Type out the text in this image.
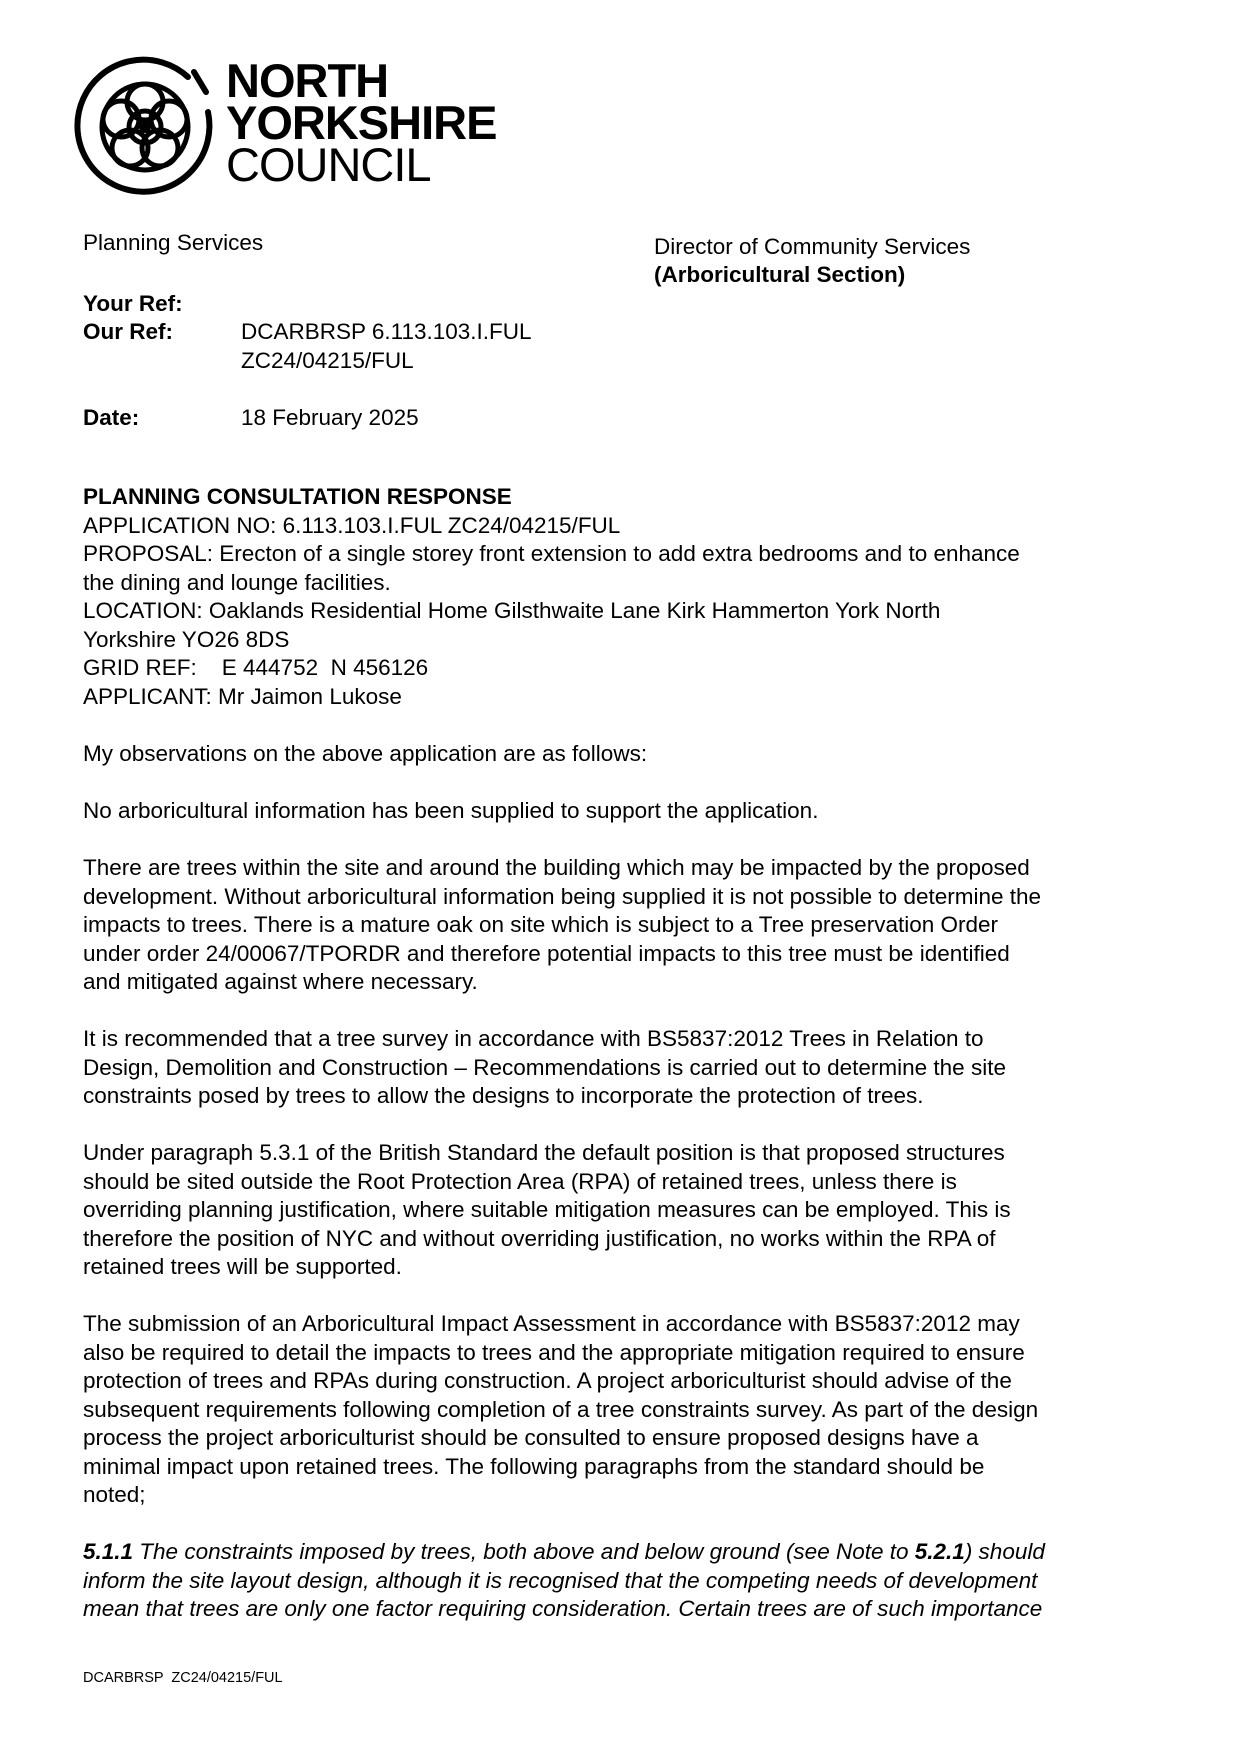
NORTH
YORKSHIRE
COUNCIL
Planning Services	Director of Community Services
(Arboricultural Section)
Your Ref:
Our Ref:	DCARBRSP 6.113.103.I.FUL
ZC24/04215/FUL
Date:	18 February 2025
PLANNING CONSULTATION RESPONSE
APPLICATION NO: 6.113.103.I.FUL ZC24/04215/FUL
PROPOSAL: Erecton of a single storey front extension to add extra bedrooms and to enhance
the dining and lounge facilities.
LOCATION: Oaklands Residential Home Gilsthwaite Lane Kirk Hammerton York North
Yorkshire YO26 8DS
GRID REF:    E 444752  N 456126
APPLICANT: Mr Jaimon Lukose
My observations on the above application are as follows:
No arboricultural information has been supplied to support the application.
There are trees within the site and around the building which may be impacted by the proposed
development. Without arboricultural information being supplied it is not possible to determine the
impacts to trees. There is a mature oak on site which is subject to a Tree preservation Order
under order 24/00067/TPORDR and therefore potential impacts to this tree must be identified
and mitigated against where necessary.
It is recommended that a tree survey in accordance with BS5837:2012 Trees in Relation to
Design, Demolition and Construction – Recommendations is carried out to determine the site
constraints posed by trees to allow the designs to incorporate the protection of trees.
Under paragraph 5.3.1 of the British Standard the default position is that proposed structures
should be sited outside the Root Protection Area (RPA) of retained trees, unless there is
overriding planning justification, where suitable mitigation measures can be employed. This is
therefore the position of NYC and without overriding justification, no works within the RPA of
retained trees will be supported.
The submission of an Arboricultural Impact Assessment in accordance with BS5837:2012 may
also be required to detail the impacts to trees and the appropriate mitigation required to ensure
protection of trees and RPAs during construction. A project arboriculturist should advise of the
subsequent requirements following completion of a tree constraints survey. As part of the design
process the project arboriculturist should be consulted to ensure proposed designs have a
minimal impact upon retained trees. The following paragraphs from the standard should be
noted;
5.1.1 The constraints imposed by trees, both above and below ground (see Note to 5.2.1) should
inform the site layout design, although it is recognised that the competing needs of development
mean that trees are only one factor requiring consideration. Certain trees are of such importance
DCARBRSP  ZC24/04215/FUL
